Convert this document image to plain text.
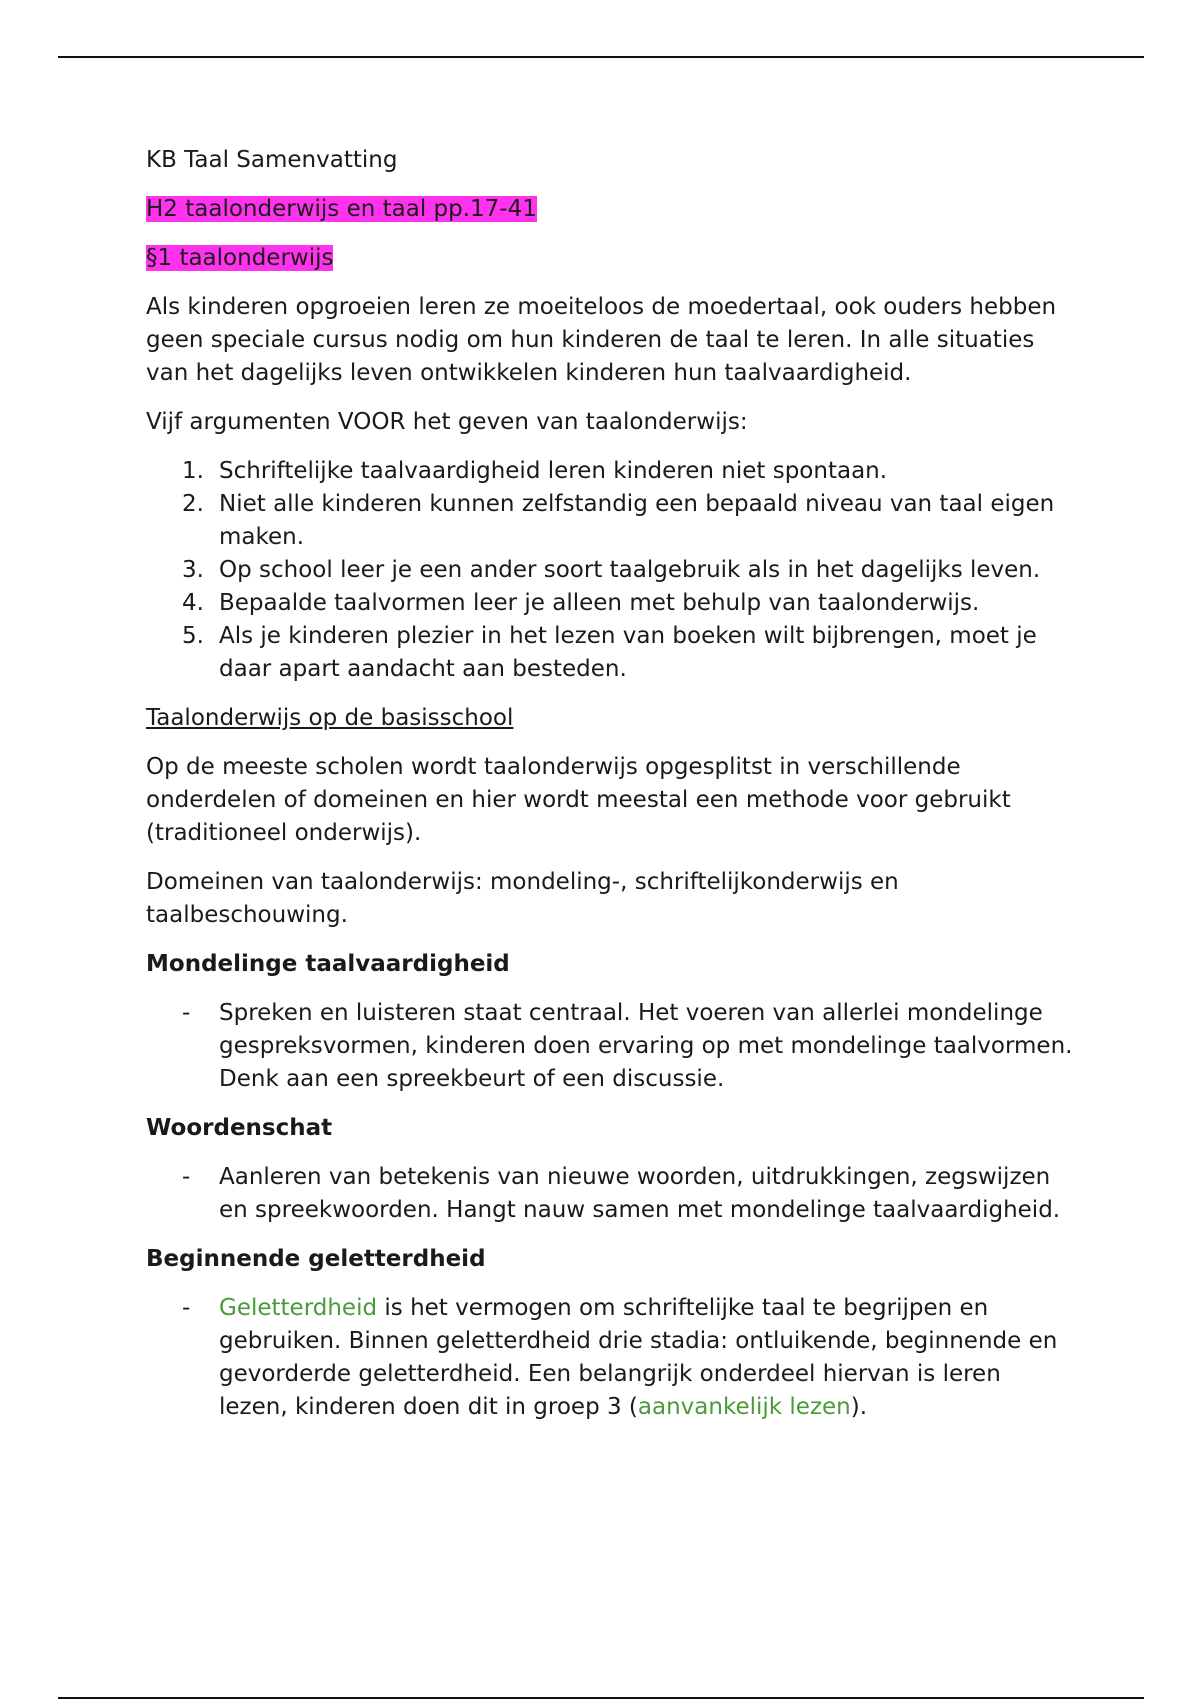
KB Taal Samenvatting

H2 taalonderwijs en taal pp.17-41

§1 taalonderwijs

Als kinderen opgroeien leren ze moeiteloos de moedertaal, ook ouders hebben geen speciale cursus nodig om hun kinderen de taal te leren. In alle situaties van het dagelijks leven ontwikkelen kinderen hun taalvaardigheid.

Vijf argumenten VOOR het geven van taalonderwijs:

1. Schriftelijke taalvaardigheid leren kinderen niet spontaan.
2. Niet alle kinderen kunnen zelfstandig een bepaald niveau van taal eigen maken.
3. Op school leer je een ander soort taalgebruik als in het dagelijks leven.
4. Bepaalde taalvormen leer je alleen met behulp van taalonderwijs.
5. Als je kinderen plezier in het lezen van boeken wilt bijbrengen, moet je daar apart aandacht aan besteden.

Taalonderwijs op de basisschool

Op de meeste scholen wordt taalonderwijs opgesplitst in verschillende onderdelen of domeinen en hier wordt meestal een methode voor gebruikt (traditioneel onderwijs).

Domeinen van taalonderwijs: mondeling-, schriftelijkonderwijs en taalbeschouwing.

Mondelinge taalvaardigheid
- Spreken en luisteren staat centraal. Het voeren van allerlei mondelinge gespreksvormen, kinderen doen ervaring op met mondelinge taalvormen. Denk aan een spreekbeurt of een discussie.
Woordenschat
- Aanleren van betekenis van nieuwe woorden, uitdrukkingen, zegswijzen en spreekwoorden. Hangt nauw samen met mondelinge taalvaardigheid.
Beginnende geletterdheid
- Geletterdheid is het vermogen om schriftelijke taal te begrijpen en gebruiken. Binnen geletterdheid drie stadia: ontluikende, beginnende en gevorderde geletterdheid. Een belangrijk onderdeel hiervan is leren lezen, kinderen doen dit in groep 3 (aanvankelijk lezen).
